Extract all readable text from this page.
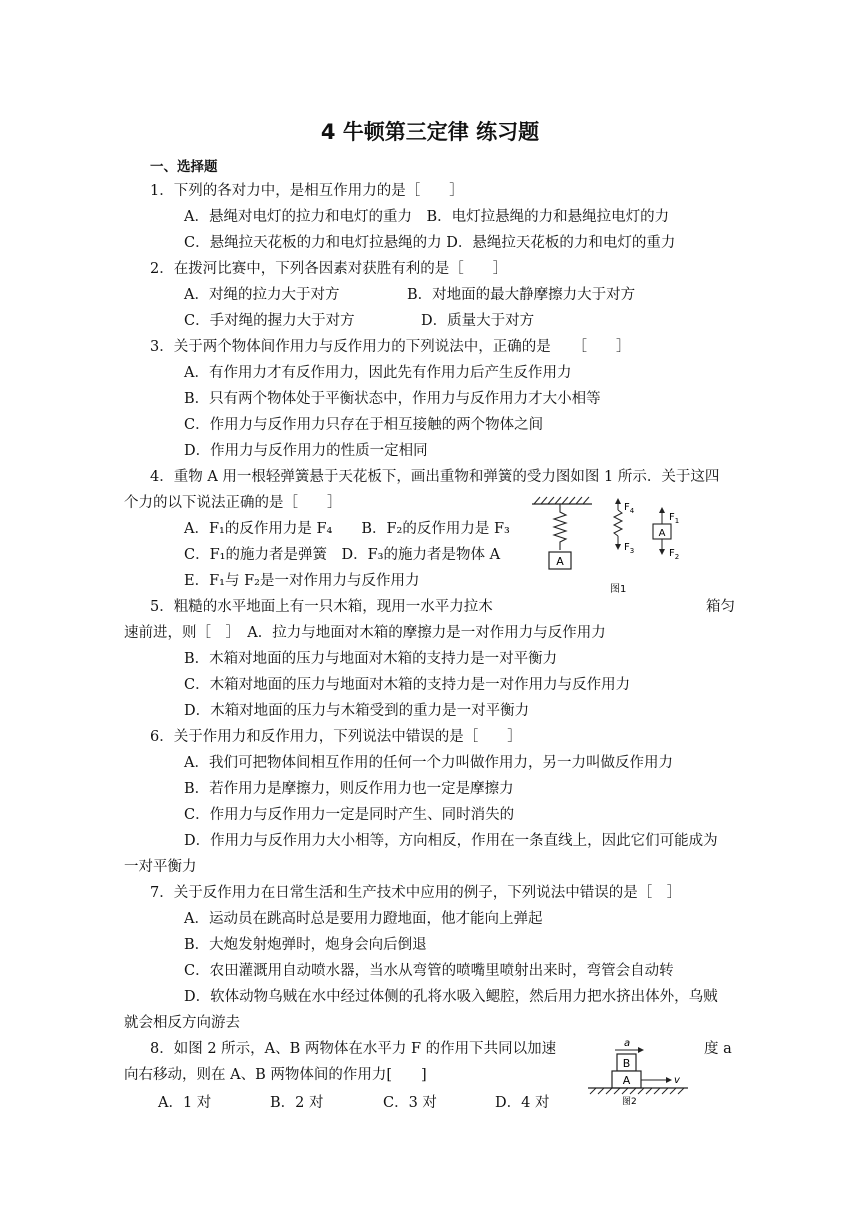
4 牛顿第三定律 练习题
一、选择题
1．下列的各对力中，是相互作用力的是［　　］
A．悬绳对电灯的拉力和电灯的重力　B．电灯拉悬绳的力和悬绳拉电灯的力
C．悬绳拉天花板的力和电灯拉悬绳的力 D．悬绳拉天花板的力和电灯的重力
2．在拨河比赛中，下列各因素对获胜有利的是［　　］
A．对绳的拉力大于对方	B．对地面的最大静摩擦力大于对方
C．手对绳的握力大于对方	D．质量大于对方
3．关于两个物体间作用力与反作用力的下列说法中，正确的是　　［　　］
A．有作用力才有反作用力，因此先有作用力后产生反作用力
B．只有两个物体处于平衡状态中，作用力与反作用力才大小相等
C．作用力与反作用力只存在于相互接触的两个物体之间
D．作用力与反作用力的性质一定相同
4．重物 A 用一根轻弹簧悬于天花板下，画出重物和弹簧的受力图如图 1 所示．关于这四
个力的以下说法正确的是［　　］
A．F₁的反作用力是 F₄　　B．F₂的反作用力是 F₃
C．F₁的施力者是弹簧　D．F₃的施力者是物体 A
E．F₁与 F₂是一对作用力与反作用力
A
$F_4$
$F_3$
A
$F_1$
$F_2$
图1
5．粗糙的水平地面上有一只木箱，现用一水平力拉木	箱匀
速前进，则［　］　A．拉力与地面对木箱的摩擦力是一对作用力与反作用力
B．木箱对地面的压力与地面对木箱的支持力是一对平衡力
C．木箱对地面的压力与地面对木箱的支持力是一对作用力与反作用力
D．木箱对地面的压力与木箱受到的重力是一对平衡力
6．关于作用力和反作用力，下列说法中错误的是［　　］
A．我们可把物体间相互作用的任何一个力叫做作用力，另一力叫做反作用力
B．若作用力是摩擦力，则反作用力也一定是摩擦力
C．作用力与反作用力一定是同时产生、同时消失的
D．作用力与反作用力大小相等，方向相反，作用在一条直线上，因此它们可能成为
一对平衡力
7．关于反作用力在日常生活和生产技术中应用的例子，下列说法中错误的是［　］
A．运动员在跳高时总是要用力蹬地面，他才能向上弹起
B．大炮发射炮弹时，炮身会向后倒退
C．农田灌溉用自动喷水器，当水从弯管的喷嘴里喷射出来时，弯管会自动转
D．软体动物乌贼在水中经过体侧的孔将水吸入鳃腔，然后用力把水挤出体外，乌贼
就会相反方向游去
8．如图 2 所示，A、B 两物体在水平力 F 的作用下共同以加速	度 a
向右移动，则在 A、B 两物体间的作用力[　　]
A．1 对	B．2 对	C．3 对	D．4 对
a
B
A	v
图2
